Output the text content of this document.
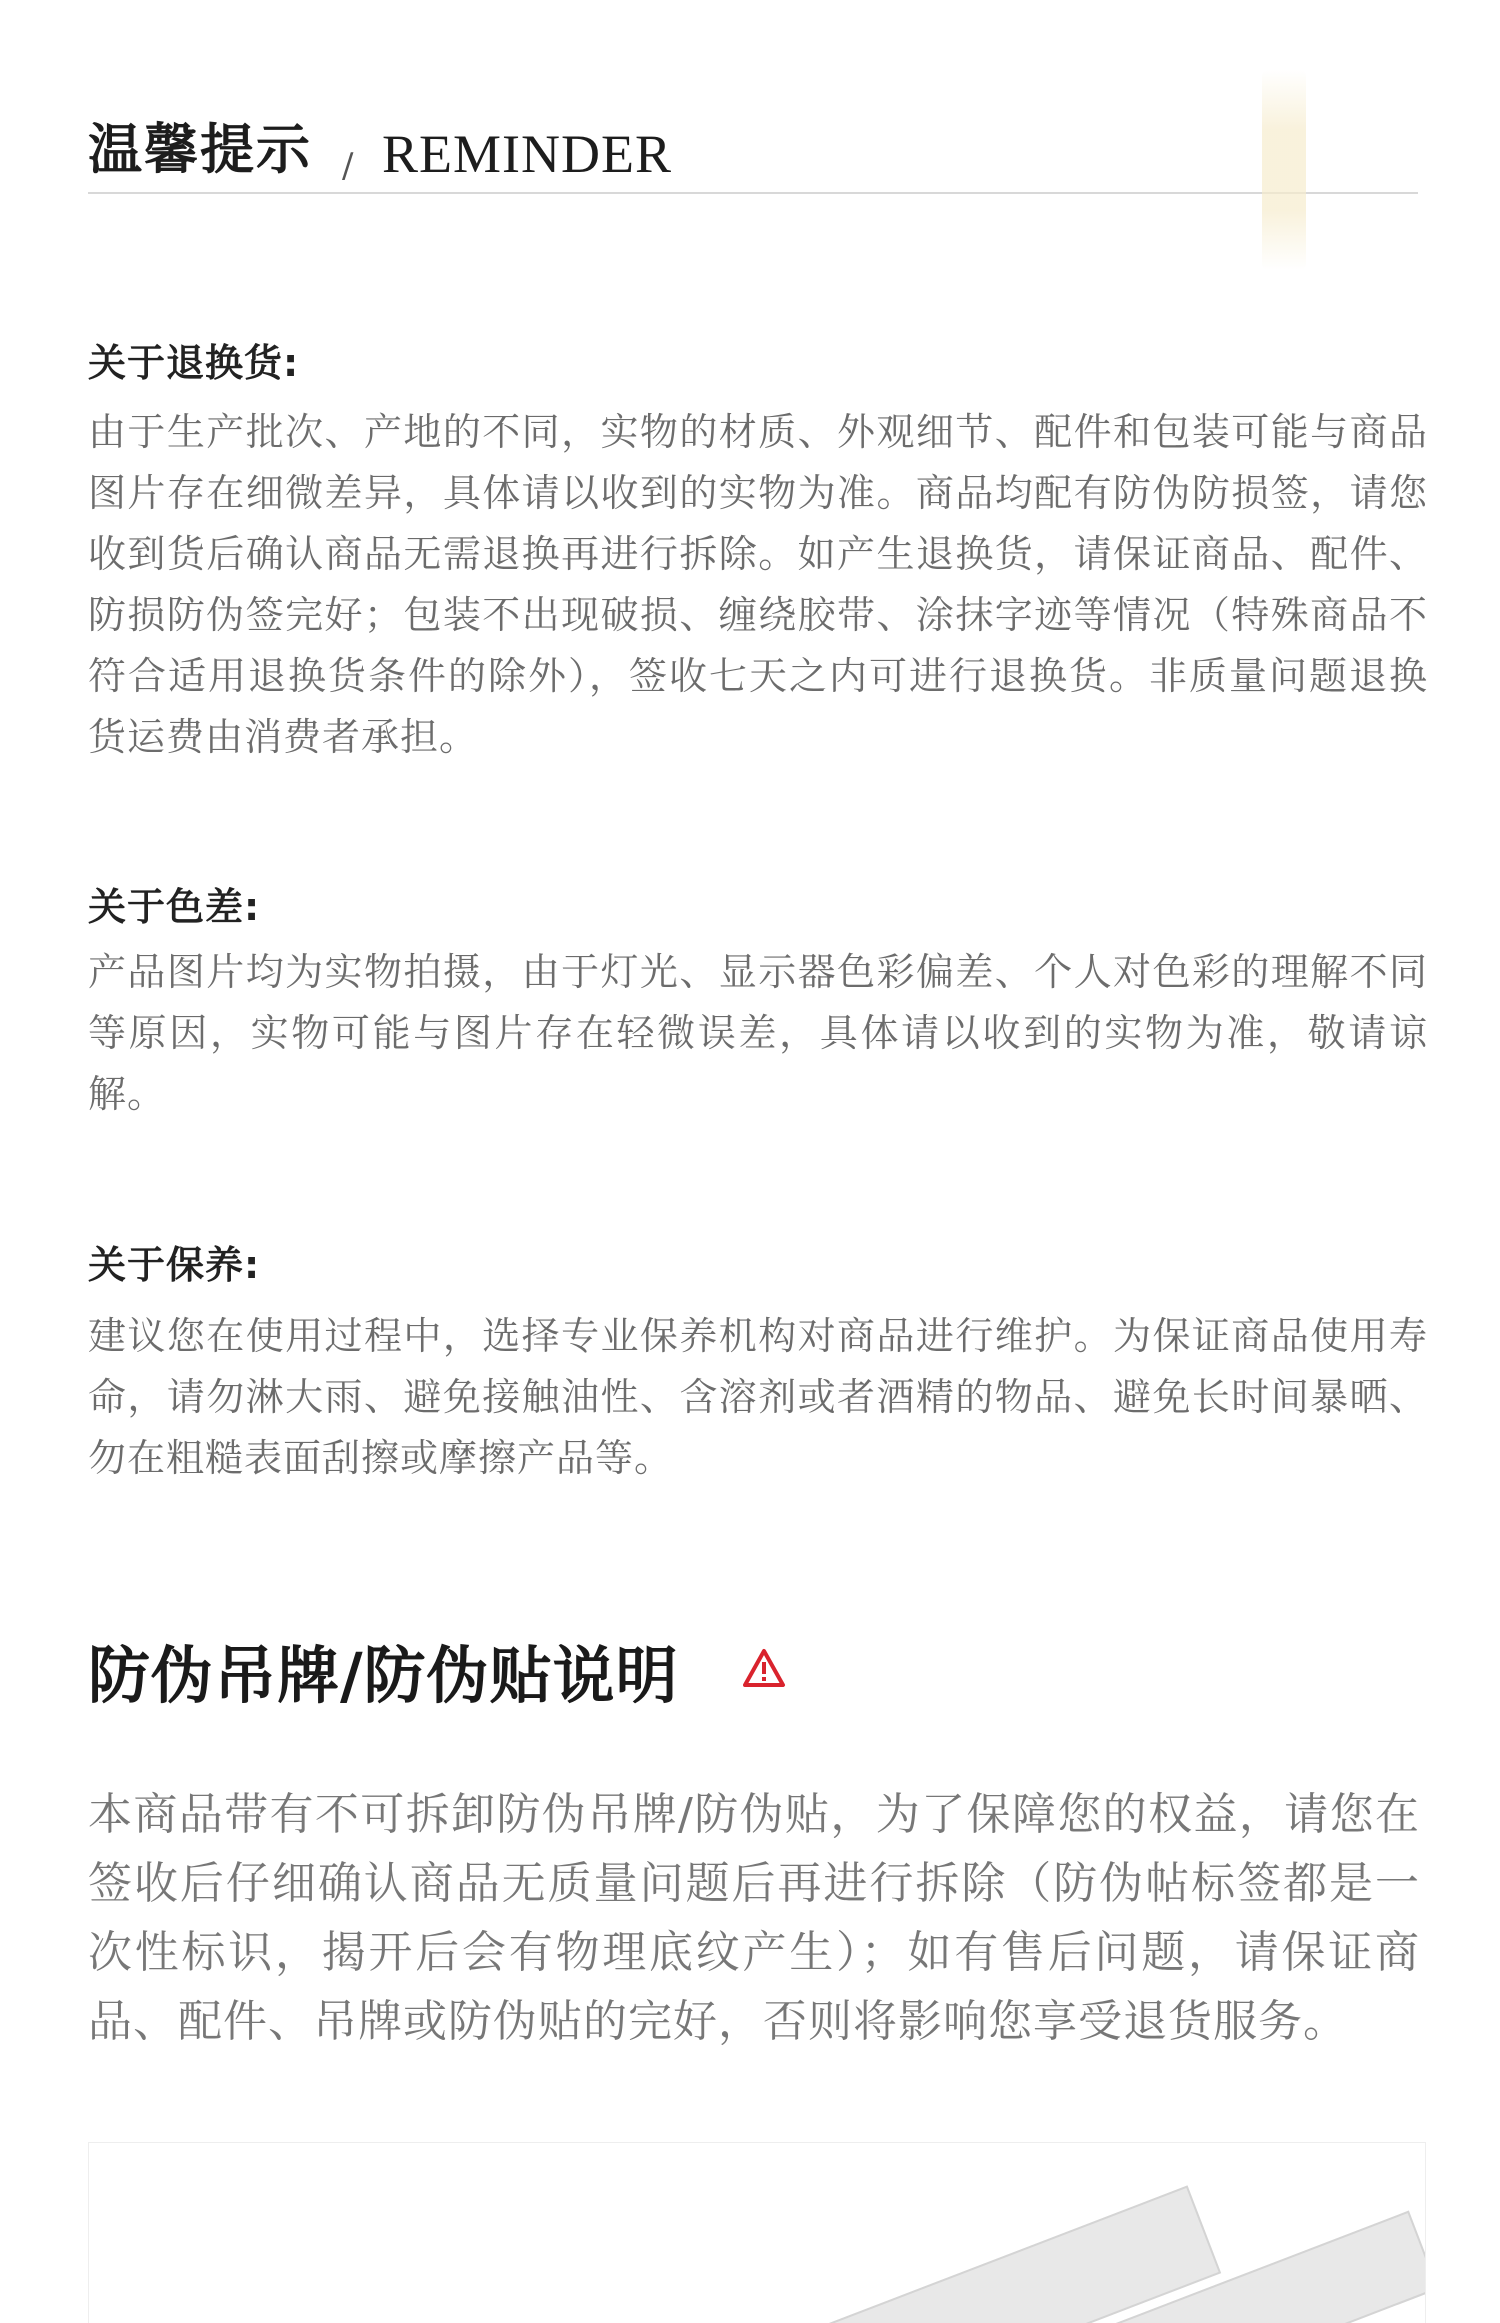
温馨提示 / REMINDER
关于退换货:
由于生产批次、产地的不同，实物的材质、外观细节、配件和包装可能与商品图片存在细微差异，具体请以收到的实物为准。商品均配有防伪防损签，请您收到货后确认商品无需退换再进行拆除。如产生退换货，请保证商品、配件、防损防伪签完好；包装不出现破损、缠绕胶带、涂抹字迹等情况（特殊商品不符合适用退换货条件的除外），签收七天之内可进行退换货。非质量问题退换货运费由消费者承担。
关于色差:
产品图片均为实物拍摄，由于灯光、显示器色彩偏差、个人对色彩的理解不同等原因，实物可能与图片存在轻微误差，具体请以收到的实物为准，敬请谅解。
关于保养:
建议您在使用过程中，选择专业保养机构对商品进行维护。为保证商品使用寿命，请勿淋大雨、避免接触油性、含溶剂或者酒精的物品、避免长时间暴晒、勿在粗糙表面刮擦或摩擦产品等。
防伪吊牌/防伪贴说明
本商品带有不可拆卸防伪吊牌/防伪贴，为了保障您的权益，请您在签收后仔细确认商品无质量问题后再进行拆除（防伪帖标签都是一次性标识，揭开后会有物理底纹产生）；如有售后问题，请保证商品、配件、吊牌或防伪贴的完好，否则将影响您享受退货服务。
